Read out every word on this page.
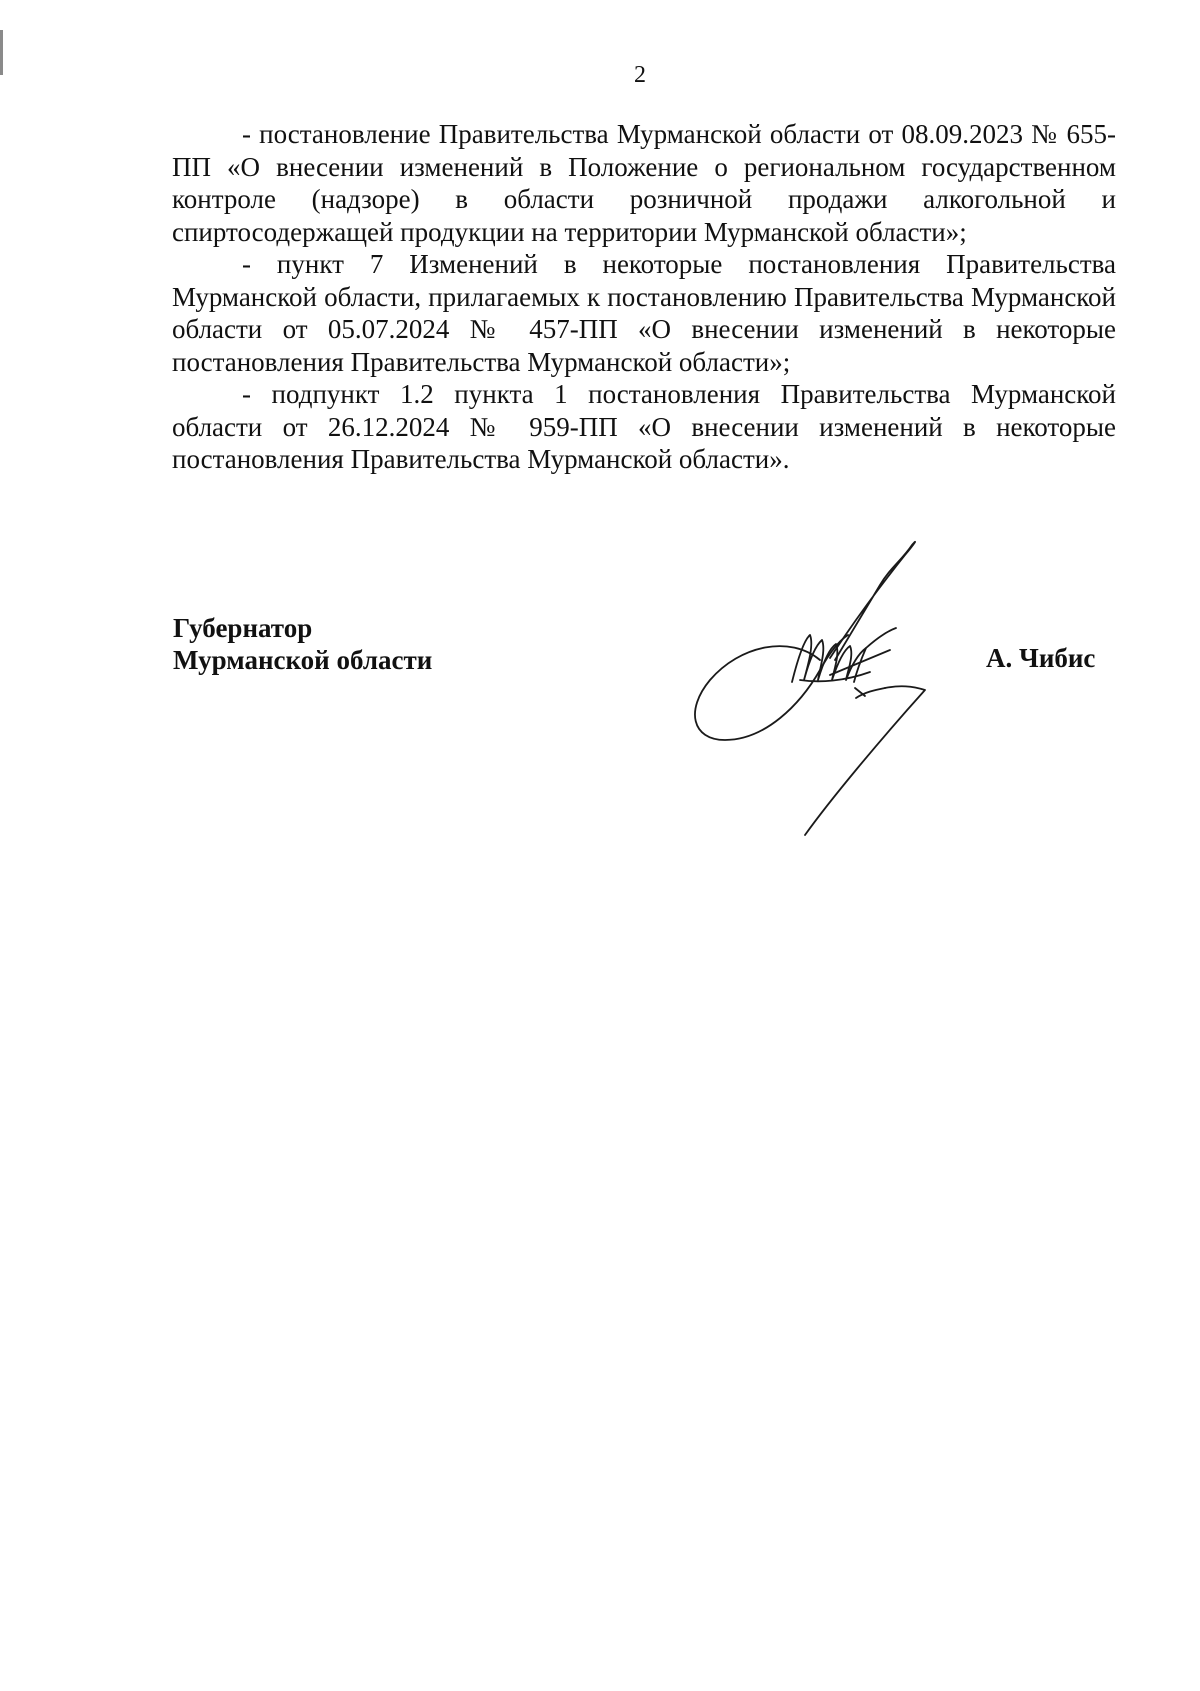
2

- постановление Правительства Мурманской области от 08.09.2023 № 655-ПП «О внесении изменений в Положение о региональном государственном контроле (надзоре) в области розничной продажи алкогольной и спиртосодержащей продукции на территории Мурманской области»;

- пункт 7 Изменений в некоторые постановления Правительства Мурманской области, прилагаемых к постановлению Правительства Мурманской области от 05.07.2024 № 457-ПП «О внесении изменений в некоторые постановления Правительства Мурманской области»;

- подпункт 1.2 пункта 1 постановления Правительства Мурманской области от 26.12.2024 № 959-ПП «О внесении изменений в некоторые постановления Правительства Мурманской области».

Губернатор
Мурманской области	А. Чибис
